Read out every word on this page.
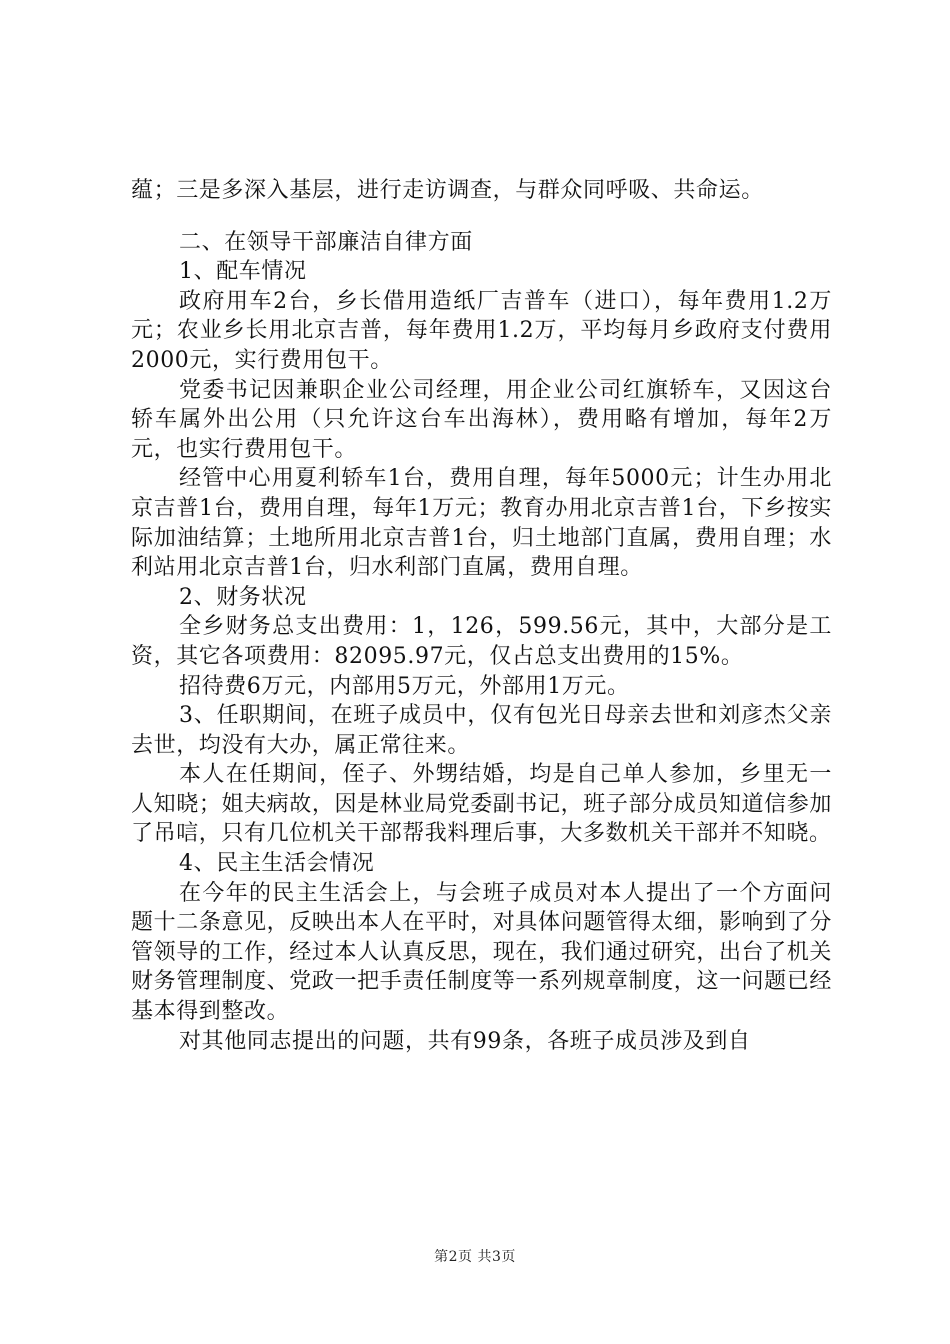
蕴；三是多深入基层，进行走访调查，与群众同呼吸、共命运。

二、在领导干部廉洁自律方面

1、配车情况

政府用车2台，乡长借用造纸厂吉普车（进口），每年费用1.2万元；农业乡长用北京吉普，每年费用1.2万，平均每月乡政府支付费用2000元，实行费用包干。

党委书记因兼职企业公司经理，用企业公司红旗轿车，又因这台轿车属外出公用（只允许这台车出海林），费用略有增加，每年2万元，也实行费用包干。

经管中心用夏利轿车1台，费用自理，每年5000元；计生办用北京吉普1台，费用自理，每年1万元；教育办用北京吉普1台，下乡按实际加油结算；土地所用北京吉普1台，归土地部门直属，费用自理；水利站用北京吉普1台，归水利部门直属，费用自理。

2、财务状况

全乡财务总支出费用：1，126，599.56元，其中，大部分是工资，其它各项费用：82095.97元，仅占总支出费用的15%。

招待费6万元，内部用5万元，外部用1万元。

3、任职期间，在班子成员中，仅有包光日母亲去世和刘彦杰父亲去世，均没有大办，属正常往来。

本人在任期间，侄子、外甥结婚，均是自己单人参加，乡里无一人知晓；姐夫病故，因是林业局党委副书记，班子部分成员知道信参加了吊唁，只有几位机关干部帮我料理后事，大多数机关干部并不知晓。

4、民主生活会情况

在今年的民主生活会上，与会班子成员对本人提出了一个方面问题十二条意见，反映出本人在平时，对具体问题管得太细，影响到了分管领导的工作，经过本人认真反思，现在，我们通过研究，出台了机关财务管理制度、党政一把手责任制度等一系列规章制度，这一问题已经基本得到整改。

对其他同志提出的问题，共有99条，各班子成员涉及到自

第2页 共3页
